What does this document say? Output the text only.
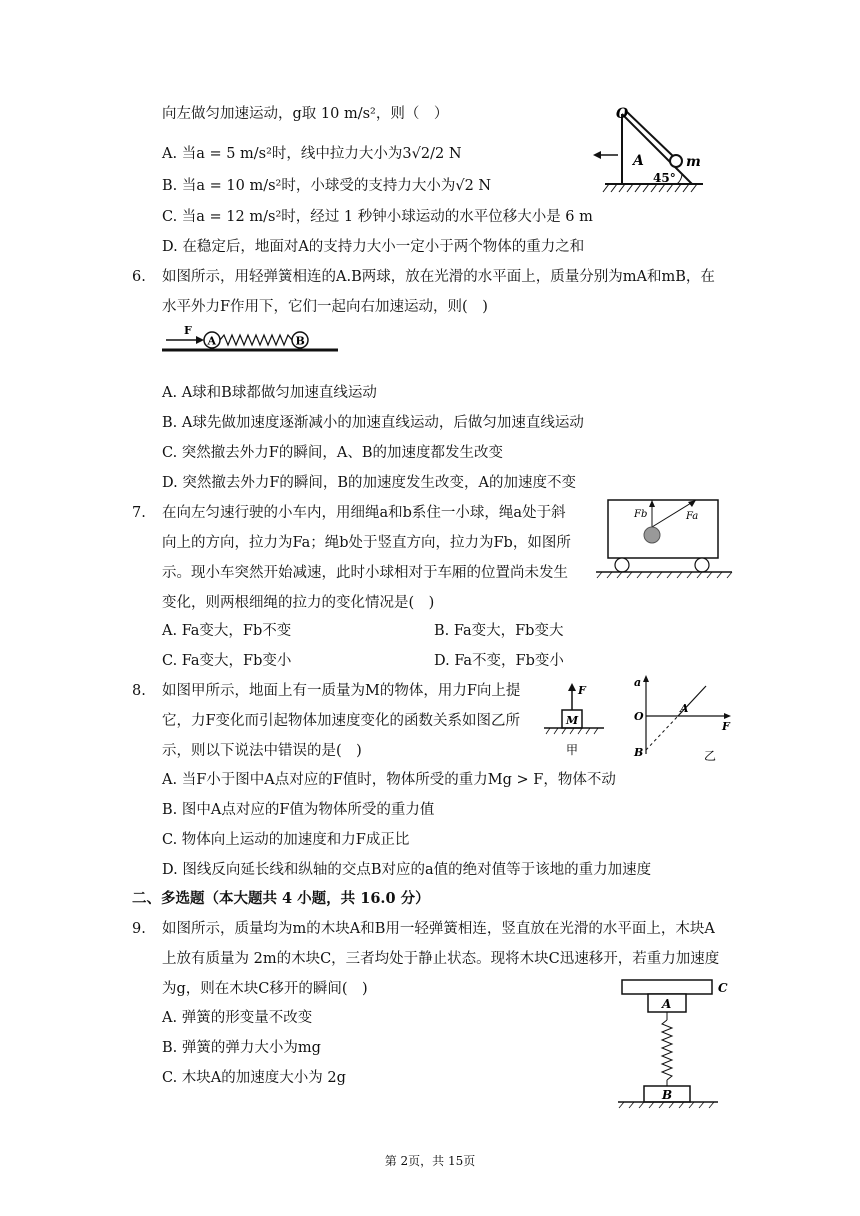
向左做匀加速运动，g取 10 m/s²，则（　）
A. 当a = 5 m/s²时，线中拉力大小为3√2/2 N
B. 当a = 10 m/s²时，小球受的支持力大小为√2 N
C. 当a = 12 m/s²时，经过 1 秒钟小球运动的水平位移大小是 6 m
D. 在稳定后，地面对A的支持力大小一定小于两个物体的重力之和
O
A	m
45°
6. 如图所示，用轻弹簧相连的A.B两球，放在光滑的水平面上，质量分别为mA和mB，在
水平外力F作用下，它们一起向右加速运动，则(　)
F
A	B
A. A球和B球都做匀加速直线运动
B. A球先做加速度逐渐减小的加速直线运动，后做匀加速直线运动
C. 突然撤去外力F的瞬间，A、B的加速度都发生改变
D. 突然撤去外力F的瞬间，B的加速度发生改变，A的加速度不变
7. 在向左匀速行驶的小车内，用细绳a和b系住一小球，绳a处于斜
向上的方向，拉力为Fa；绳b处于竖直方向，拉力为Fb，如图所
示。现小车突然开始减速，此时小球相对于车厢的位置尚未发生
变化，则两根细绳的拉力的变化情况是(　)
Fb	Fa
A. Fa变大，Fb不变	B. Fa变大，Fb变大
C. Fa变大，Fb变小	D. Fa不变，Fb变小
8. 如图甲所示，地面上有一质量为M的物体，用力F向上提
它，力F变化而引起物体加速度变化的函数关系如图乙所
示，则以下说法中错误的是(　)
F
M
甲
a
O
F
A
B	乙
A. 当F小于图中A点对应的F值时，物体所受的重力Mg > F，物体不动
B. 图中A点对应的F值为物体所受的重力值
C. 物体向上运动的加速度和力F成正比
D. 图线反向延长线和纵轴的交点B对应的a值的绝对值等于该地的重力加速度
二、多选题（本大题共 4 小题，共 16.0 分）
9. 如图所示，质量均为m的木块A和B用一轻弹簧相连，竖直放在光滑的水平面上，木块A
上放有质量为 2m的木块C，三者均处于静止状态。现将木块C迅速移开，若重力加速度
为g，则在木块C移开的瞬间(　)
A. 弹簧的形变量不改变
B. 弹簧的弹力大小为mg
C. 木块A的加速度大小为 2g
C
A
B
第 2页，共 15页
